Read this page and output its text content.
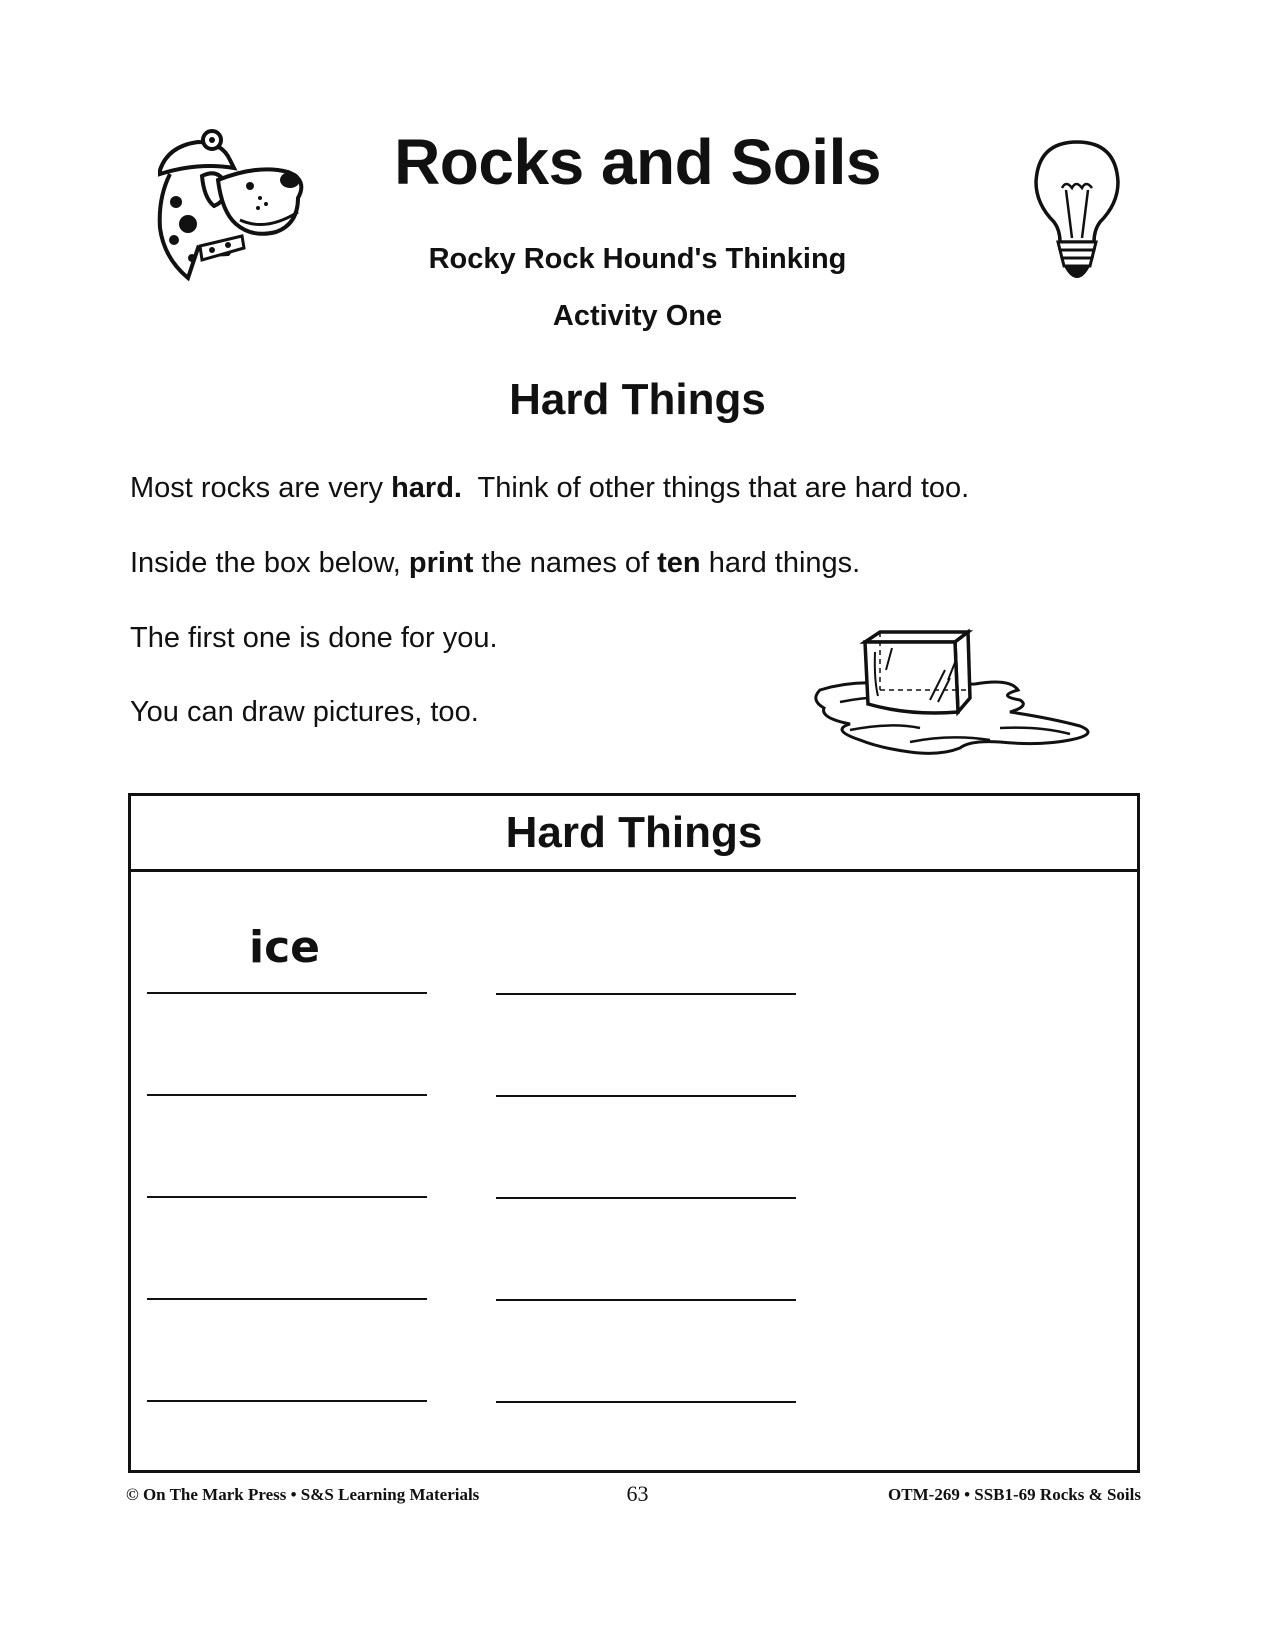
Rocks and Soils
Rocky Rock Hound's Thinking
Activity One
Hard Things
Most rocks are very hard.  Think of other things that are hard too.
Inside the box below, print the names of ten hard things.
The first one is done for you.
You can draw pictures, too.
Hard Things
ice
© On The Mark Press • S&S Learning Materials	63	OTM-269 • SSB1-69 Rocks & Soils
